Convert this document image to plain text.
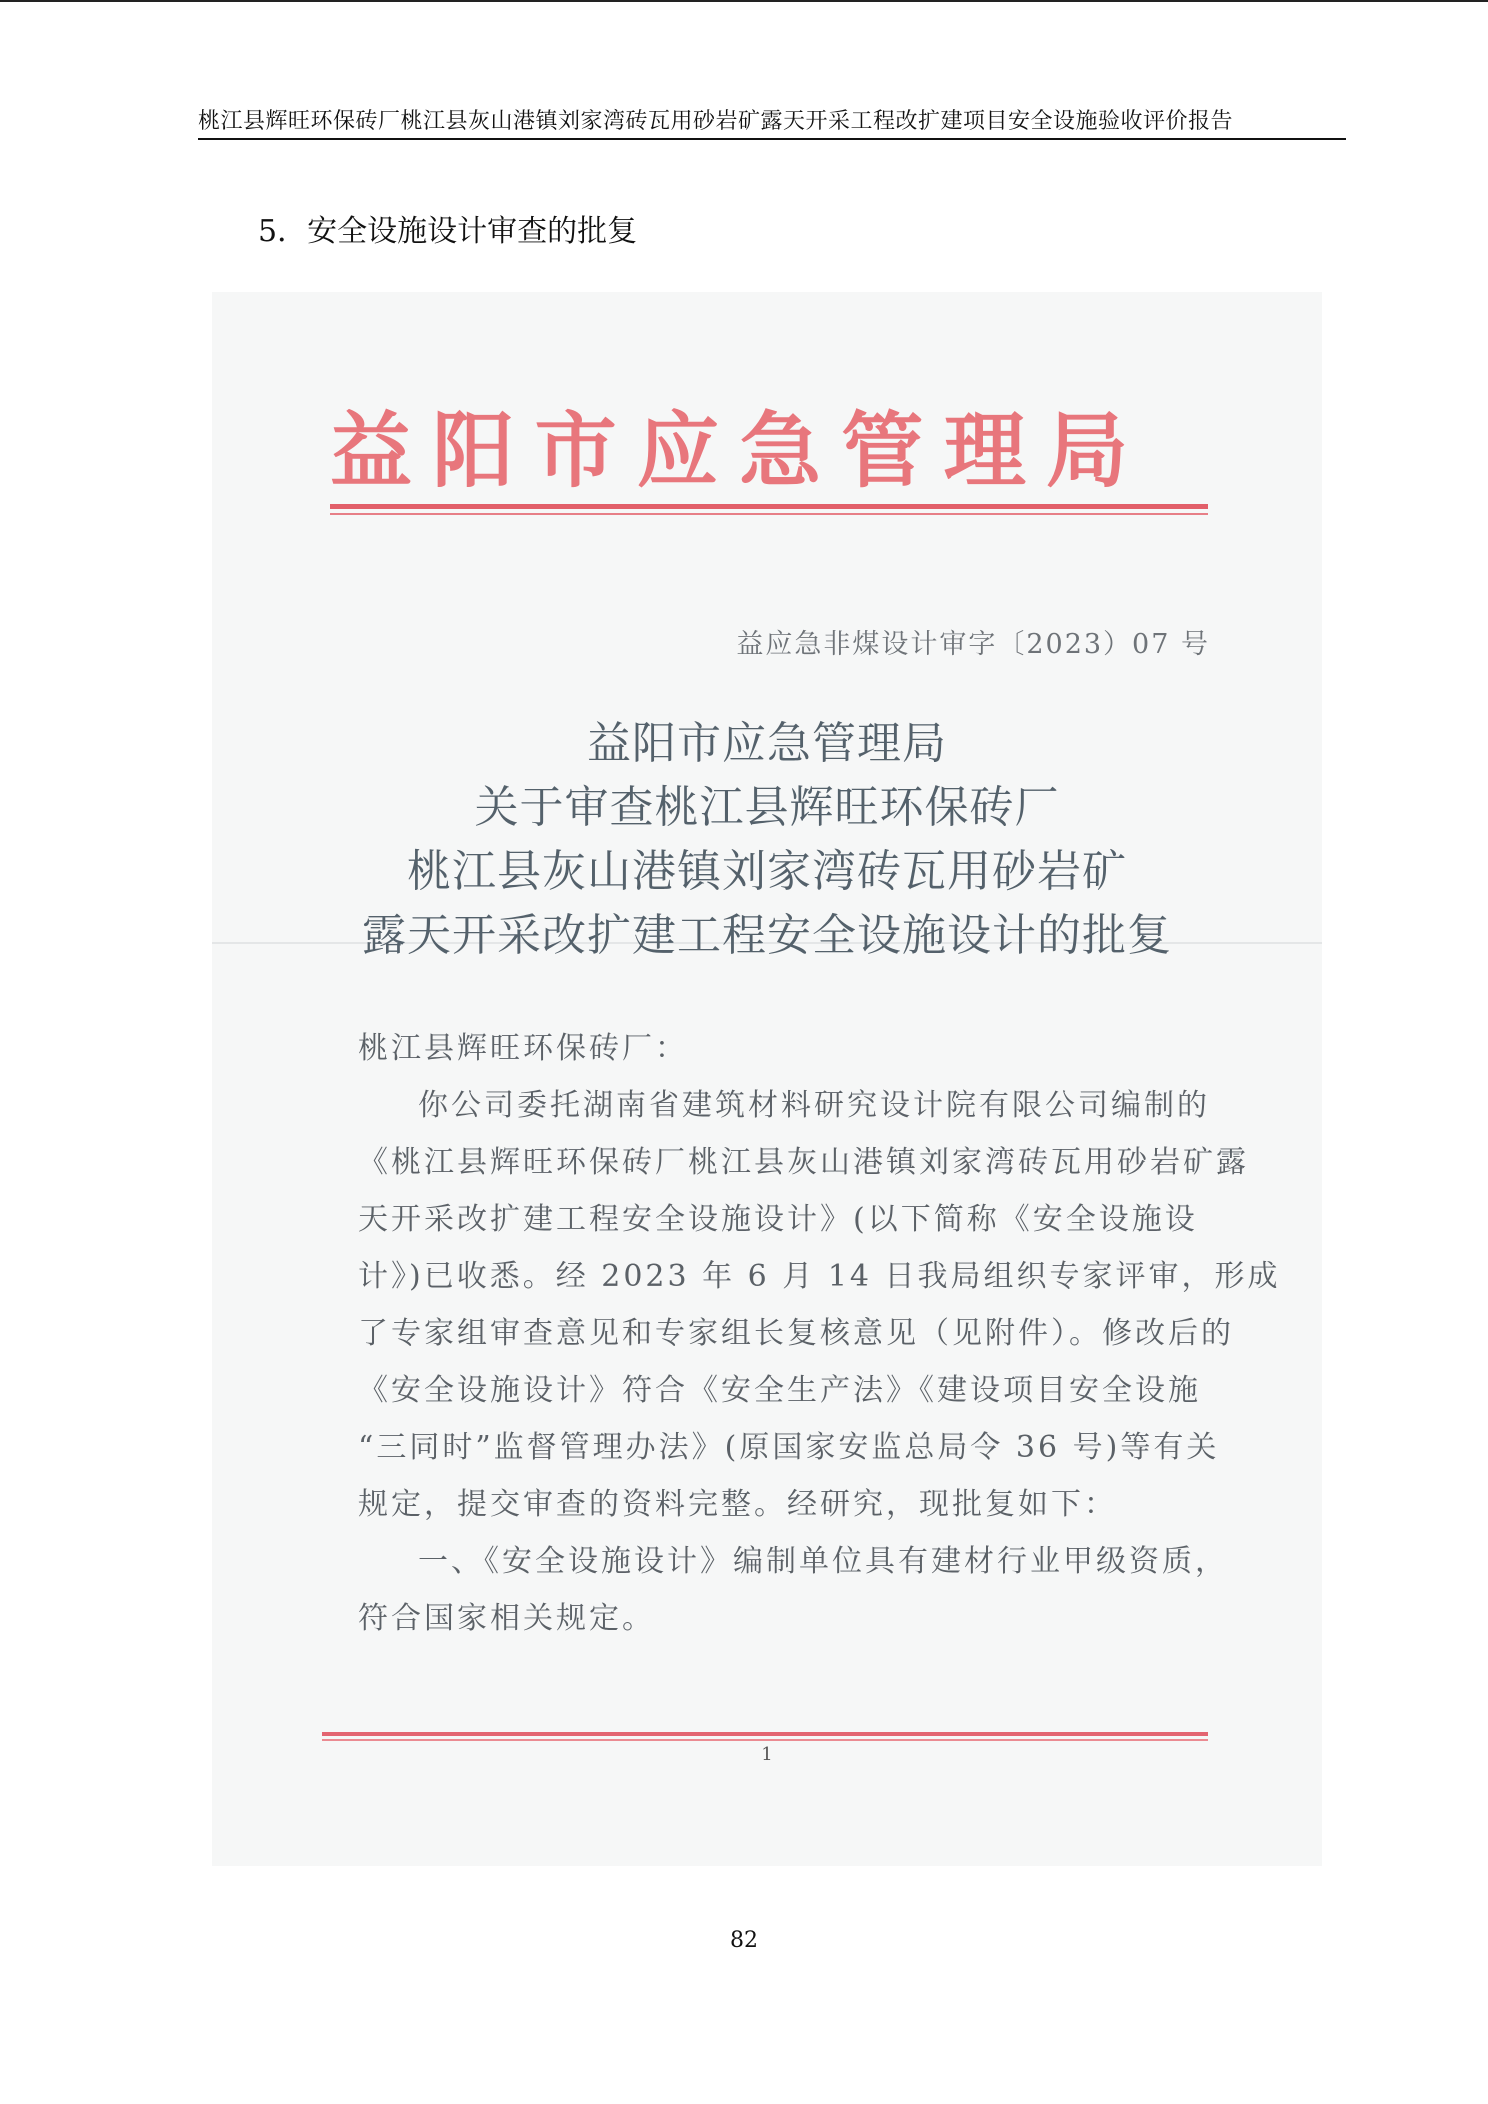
桃江县辉旺环保砖厂桃江县灰山港镇刘家湾砖瓦用砂岩矿露天开采工程改扩建项目安全设施验收评价报告
5．安全设施设计审查的批复
益 阳 市 应 急 管 理 局
益应急非煤设计审字〔2023）07 号
益阳市应急管理局
关于审查桃江县辉旺环保砖厂
桃江县灰山港镇刘家湾砖瓦用砂岩矿
露天开采改扩建工程安全设施设计的批复

桃江县辉旺环保砖厂：

你公司委托湖南省建筑材料研究设计院有限公司编制的

《桃江县辉旺环保砖厂桃江县灰山港镇刘家湾砖瓦用砂岩矿露

天开采改扩建工程安全设施设计》(以下简称《安全设施设

计》)已收悉。经 2023 年 6 月 14 日我局组织专家评审，形成

了专家组审查意见和专家组长复核意见（见附件）。修改后的

《安全设施设计》符合《安全生产法》《建设项目安全设施

“三同时”监督管理办法》(原国家安监总局令 36 号)等有关

规定，提交审查的资料完整。经研究，现批复如下：

一、《安全设施设计》编制单位具有建材行业甲级资质，

符合国家相关规定。

1
82
